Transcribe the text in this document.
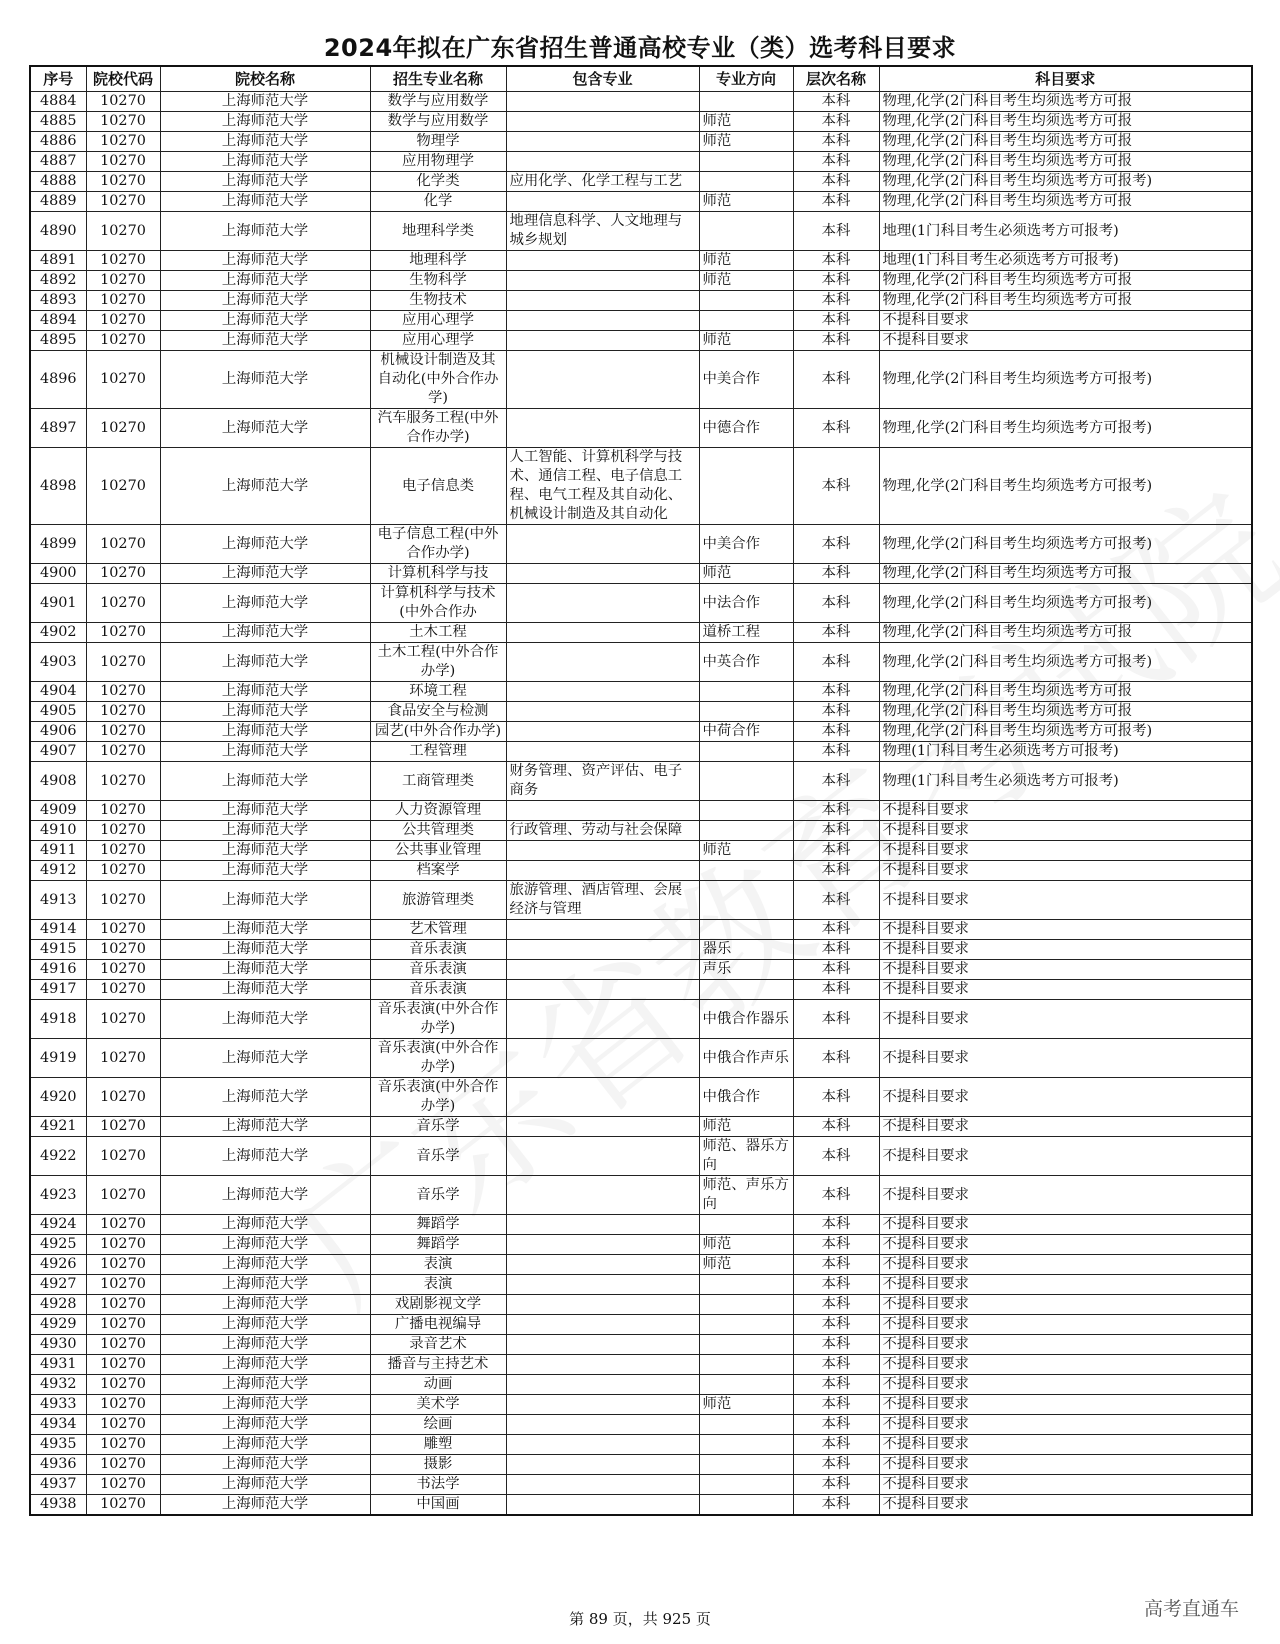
2024年拟在广东省招生普通高校专业（类）选考科目要求
序号	院校代码	院校名称	招生专业名称	包含专业	专业方向	层次名称	科目要求
4884	10270	上海师范大学	数学与应用数学			本科	物理,化学(2门科目考生均须选考方可报
4885	10270	上海师范大学	数学与应用数学		师范	本科	物理,化学(2门科目考生均须选考方可报
4886	10270	上海师范大学	物理学		师范	本科	物理,化学(2门科目考生均须选考方可报
4887	10270	上海师范大学	应用物理学			本科	物理,化学(2门科目考生均须选考方可报
4888	10270	上海师范大学	化学类	应用化学、化学工程与工艺		本科	物理,化学(2门科目考生均须选考方可报考)
4889	10270	上海师范大学	化学		师范	本科	物理,化学(2门科目考生均须选考方可报
4890	10270	上海师范大学	地理科学类	地理信息科学、人文地理与城乡规划		本科	地理(1门科目考生必须选考方可报考)
4891	10270	上海师范大学	地理科学		师范	本科	地理(1门科目考生必须选考方可报考)
4892	10270	上海师范大学	生物科学		师范	本科	物理,化学(2门科目考生均须选考方可报
4893	10270	上海师范大学	生物技术			本科	物理,化学(2门科目考生均须选考方可报
4894	10270	上海师范大学	应用心理学			本科	不提科目要求
4895	10270	上海师范大学	应用心理学		师范	本科	不提科目要求
4896	10270	上海师范大学	机械设计制造及其自动化(中外合作办学)		中美合作	本科	物理,化学(2门科目考生均须选考方可报考)
4897	10270	上海师范大学	汽车服务工程(中外合作办学)		中德合作	本科	物理,化学(2门科目考生均须选考方可报考)
4898	10270	上海师范大学	电子信息类	人工智能、计算机科学与技术、通信工程、电子信息工程、电气工程及其自动化、机械设计制造及其自动化		本科	物理,化学(2门科目考生均须选考方可报考)
4899	10270	上海师范大学	电子信息工程(中外合作办学)		中美合作	本科	物理,化学(2门科目考生均须选考方可报考)
4900	10270	上海师范大学	计算机科学与技		师范	本科	物理,化学(2门科目考生均须选考方可报
4901	10270	上海师范大学	计算机科学与技术(中外合作办		中法合作	本科	物理,化学(2门科目考生均须选考方可报考)
4902	10270	上海师范大学	土木工程		道桥工程	本科	物理,化学(2门科目考生均须选考方可报
4903	10270	上海师范大学	土木工程(中外合作办学)		中英合作	本科	物理,化学(2门科目考生均须选考方可报考)
4904	10270	上海师范大学	环境工程			本科	物理,化学(2门科目考生均须选考方可报
4905	10270	上海师范大学	食品安全与检测			本科	物理,化学(2门科目考生均须选考方可报
4906	10270	上海师范大学	园艺(中外合作办学)		中荷合作	本科	物理,化学(2门科目考生均须选考方可报考)
4907	10270	上海师范大学	工程管理			本科	物理(1门科目考生必须选考方可报考)
4908	10270	上海师范大学	工商管理类	财务管理、资产评估、电子商务		本科	物理(1门科目考生必须选考方可报考)
4909	10270	上海师范大学	人力资源管理			本科	不提科目要求
4910	10270	上海师范大学	公共管理类	行政管理、劳动与社会保障		本科	不提科目要求
4911	10270	上海师范大学	公共事业管理		师范	本科	不提科目要求
4912	10270	上海师范大学	档案学			本科	不提科目要求
4913	10270	上海师范大学	旅游管理类	旅游管理、酒店管理、会展经济与管理		本科	不提科目要求
4914	10270	上海师范大学	艺术管理			本科	不提科目要求
4915	10270	上海师范大学	音乐表演		器乐	本科	不提科目要求
4916	10270	上海师范大学	音乐表演		声乐	本科	不提科目要求
4917	10270	上海师范大学	音乐表演			本科	不提科目要求
4918	10270	上海师范大学	音乐表演(中外合作办学)		中俄合作器乐	本科	不提科目要求
4919	10270	上海师范大学	音乐表演(中外合作办学)		中俄合作声乐	本科	不提科目要求
4920	10270	上海师范大学	音乐表演(中外合作办学)		中俄合作	本科	不提科目要求
4921	10270	上海师范大学	音乐学		师范	本科	不提科目要求
4922	10270	上海师范大学	音乐学		师范、器乐方向	本科	不提科目要求
4923	10270	上海师范大学	音乐学		师范、声乐方向	本科	不提科目要求
4924	10270	上海师范大学	舞蹈学			本科	不提科目要求
4925	10270	上海师范大学	舞蹈学		师范	本科	不提科目要求
4926	10270	上海师范大学	表演		师范	本科	不提科目要求
4927	10270	上海师范大学	表演			本科	不提科目要求
4928	10270	上海师范大学	戏剧影视文学			本科	不提科目要求
4929	10270	上海师范大学	广播电视编导			本科	不提科目要求
4930	10270	上海师范大学	录音艺术			本科	不提科目要求
4931	10270	上海师范大学	播音与主持艺术			本科	不提科目要求
4932	10270	上海师范大学	动画			本科	不提科目要求
4933	10270	上海师范大学	美术学		师范	本科	不提科目要求
4934	10270	上海师范大学	绘画			本科	不提科目要求
4935	10270	上海师范大学	雕塑			本科	不提科目要求
4936	10270	上海师范大学	摄影			本科	不提科目要求
4937	10270	上海师范大学	书法学			本科	不提科目要求
4938	10270	上海师范大学	中国画			本科	不提科目要求
第 89 页，共 925 页	高考直通车
